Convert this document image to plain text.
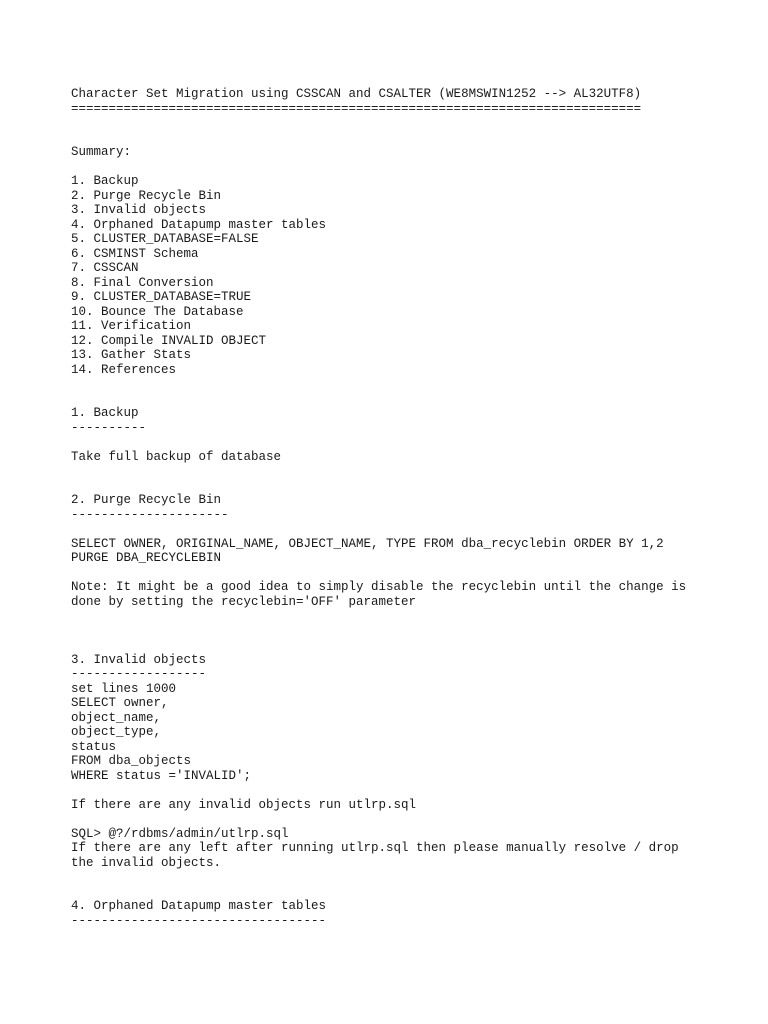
Character Set Migration using CSSCAN and CSALTER (WE8MSWIN1252 --> AL32UTF8)
============================================================================
Summary:
1. Backup
2. Purge Recycle Bin
3. Invalid objects
4. Orphaned Datapump master tables
5. CLUSTER_DATABASE=FALSE
6. CSMINST Schema
7. CSSCAN
8. Final Conversion
9. CLUSTER_DATABASE=TRUE
10. Bounce The Database
11. Verification
12. Compile INVALID OBJECT
13. Gather Stats
14. References
1. Backup
----------
Take full backup of database
2. Purge Recycle Bin
---------------------
SELECT OWNER, ORIGINAL_NAME, OBJECT_NAME, TYPE FROM dba_recyclebin ORDER BY 1,2
PURGE DBA_RECYCLEBIN
Note: It might be a good idea to simply disable the recyclebin until the change is
done by setting the recyclebin='OFF' parameter
3. Invalid objects
------------------
set lines 1000
SELECT owner,
object_name,
object_type,
status
FROM dba_objects
WHERE status ='INVALID';
If there are any invalid objects run utlrp.sql
SQL> @?/rdbms/admin/utlrp.sql
If there are any left after running utlrp.sql then please manually resolve / drop
the invalid objects.
4. Orphaned Datapump master tables
----------------------------------
